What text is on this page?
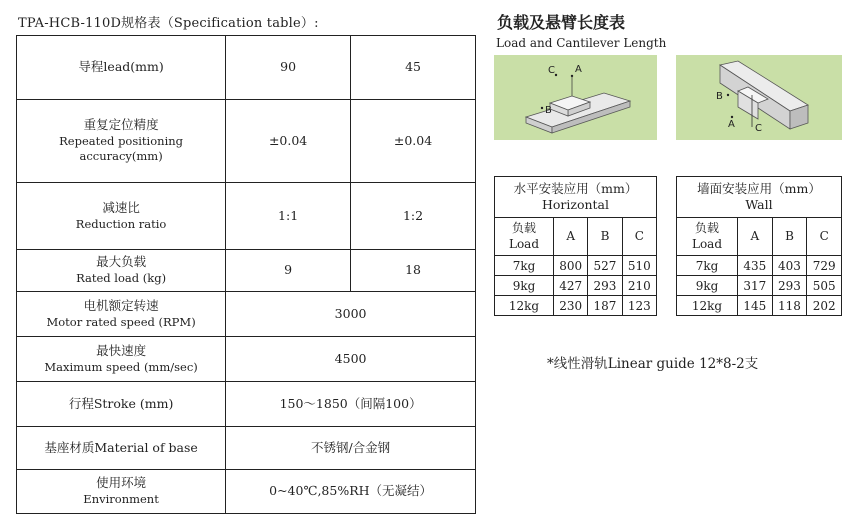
TPA-HCB-110D规格表（Specification table）:
导程lead(mm)	90	45

重复定位精度
Repeated positioning accuracy(mm)	±0.04	±0.04

减速比
Reduction ratio	1:1	1:2

最大负载
Rated load (kg)	9	18

电机额定转速
Motor rated speed (RPM)	3000	

最快速度
Maximum speed (mm/sec)	4500	
行程Stroke (mm)	150～1850（间隔100）	
基座材质Material of base	不锈钢/合金钢	

使用环境
Environment	0~40℃,85%RH（无凝结）	
负载及悬臂长度表
Load and Cantilever Length
A
C
B
B
A C
水平安装应用（mm）
Horizontal			

负载
Load	A	B	C
7kg	800	527	510
9kg	427	293	210
12kg	230	187	123
墙面安装应用（mm）
Wall			

负载
Load	A	B	C
7kg	435	403	729
9kg	317	293	505
12kg	145	118	202
*线性滑轨Linear guide 12*8-2支
